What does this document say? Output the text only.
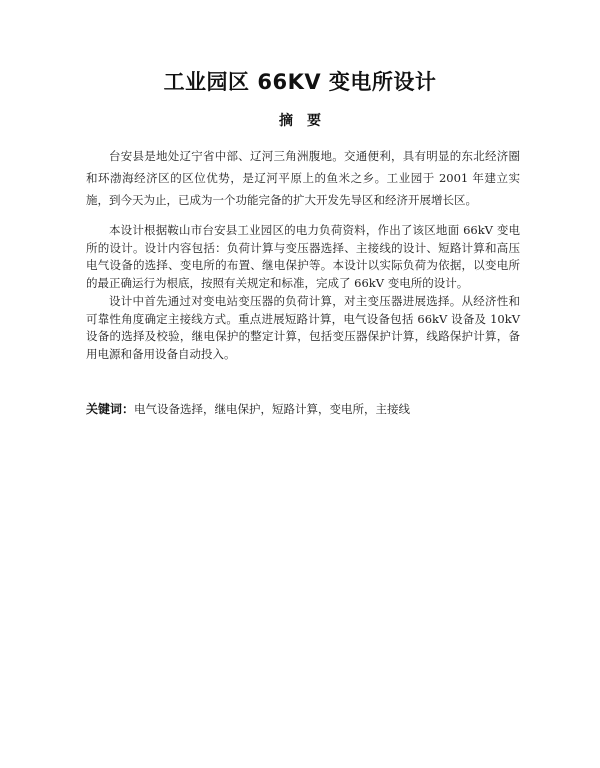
工业园区 66KV 变电所设计
摘要

台安县是地处辽宁省中部、辽河三角洲腹地。交通便利，具有明显的东北经济圈和环渤海经济区的区位优势，是辽河平原上的鱼米之乡。工业园于 2001 年建立实施，到今天为止，已成为一个功能完备的扩大开发先导区和经济开展增长区。

本设计根据鞍山市台安县工业园区的电力负荷资料，作出了该区地面 66kV 变电所的设计。设计内容包括：负荷计算与变压器选择、主接线的设计、短路计算和高压电气设备的选择、变电所的布置、继电保护等。本设计以实际负荷为依据，以变电所的最正确运行为根底，按照有关规定和标准，完成了 66kV 变电所的设计。

设计中首先通过对变电站变压器的负荷计算，对主变压器进展选择。从经济性和可靠性角度确定主接线方式。重点进展短路计算，电气设备包括 66kV 设备及 10kV 设备的选择及校验，继电保护的整定计算，包括变压器保护计算，线路保护计算，备用电源和备用设备自动投入。

关键词：电气设备选择，继电保护，短路计算，变电所，主接线
